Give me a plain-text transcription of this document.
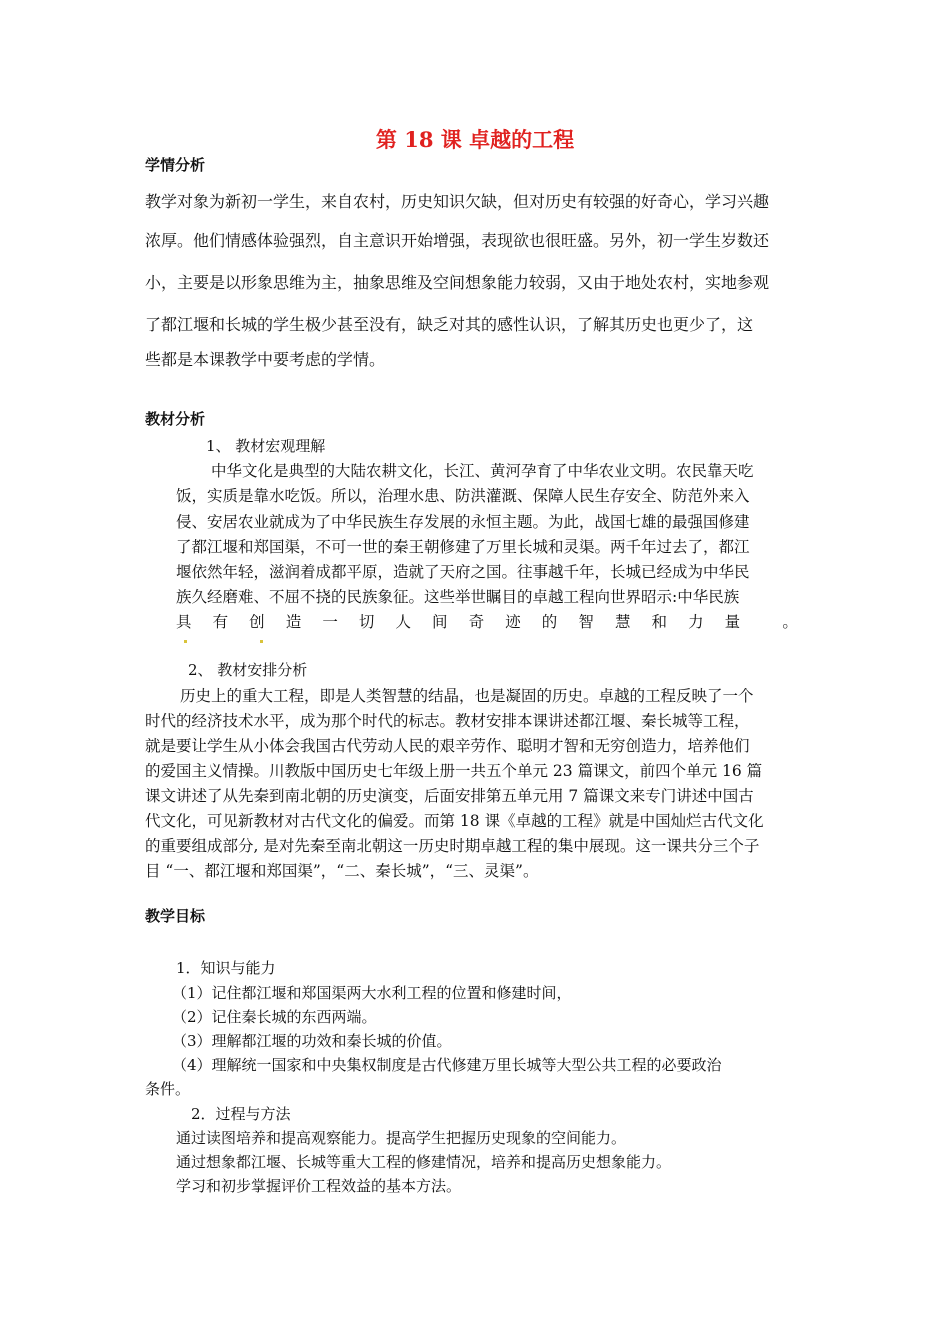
第 18 课 卓越的工程
学情分析
教学对象为新初一学生，来自农村，历史知识欠缺，但对历史有较强的好奇心，学习兴趣
浓厚。他们情感体验强烈，自主意识开始增强，表现欲也很旺盛。另外，初一学生岁数还
小，主要是以形象思维为主，抽象思维及空间想象能力较弱，又由于地处农村，实地参观
了都江堰和长城的学生极少甚至没有，缺乏对其的感性认识，了解其历史也更少了，这
些都是本课教学中要考虑的学情。
教材分析
1、 教材宏观理解
中华文化是典型的大陆农耕文化，长江、黄河孕育了中华农业文明。农民靠天吃
饭，实质是靠水吃饭。所以，治理水患、防洪灌溉、保障人民生存安全、防范外来入
侵、安居农业就成为了中华民族生存发展的永恒主题。为此，战国七雄的最强国修建
了都江堰和郑国渠，不可一世的秦王朝修建了万里长城和灵渠。两千年过去了，都江
堰依然年轻，滋润着成都平原，造就了天府之国。往事越千年，长城已经成为中华民
族久经磨难、不屈不挠的民族象征。这些举世瞩目的卓越工程向世界昭示:中华民族
具 有 创 造 一 切 人 间 奇 迹 的 智 慧 和 力 量	。
2、 教材安排分析
历史上的重大工程，即是人类智慧的结晶，也是凝固的历史。卓越的工程反映了一个
时代的经济技术水平，成为那个时代的标志。教材安排本课讲述都江堰、秦长城等工程，
就是要让学生从小体会我国古代劳动人民的艰辛劳作、聪明才智和无穷创造力，培养他们
的爱国主义情操。川教版中国历史七年级上册一共五个单元 23 篇课文，前四个单元 16 篇
课文讲述了从先秦到南北朝的历史演变，后面安排第五单元用 7 篇课文来专门讲述中国古
代文化，可见新教材对古代文化的偏爱。而第 18 课《卓越的工程》就是中国灿烂古代文化
的重要组成部分, 是对先秦至南北朝这一历史时期卓越工程的集中展现。这一课共分三个子
目 “一、都江堰和郑国渠”，“二、秦长城”，“三、灵渠”。
教学目标
1．知识与能力
（1）记住都江堰和郑国渠两大水利工程的位置和修建时间，
（2）记住秦长城的东西两端。
（3）理解都江堰的功效和秦长城的价值。
（4）理解统一国家和中央集权制度是古代修建万里长城等大型公共工程的必要政治
条件。
2．过程与方法
通过读图培养和提高观察能力。提高学生把握历史现象的空间能力。
通过想象都江堰、长城等重大工程的修建情况，培养和提高历史想象能力。
学习和初步掌握评价工程效益的基本方法。
